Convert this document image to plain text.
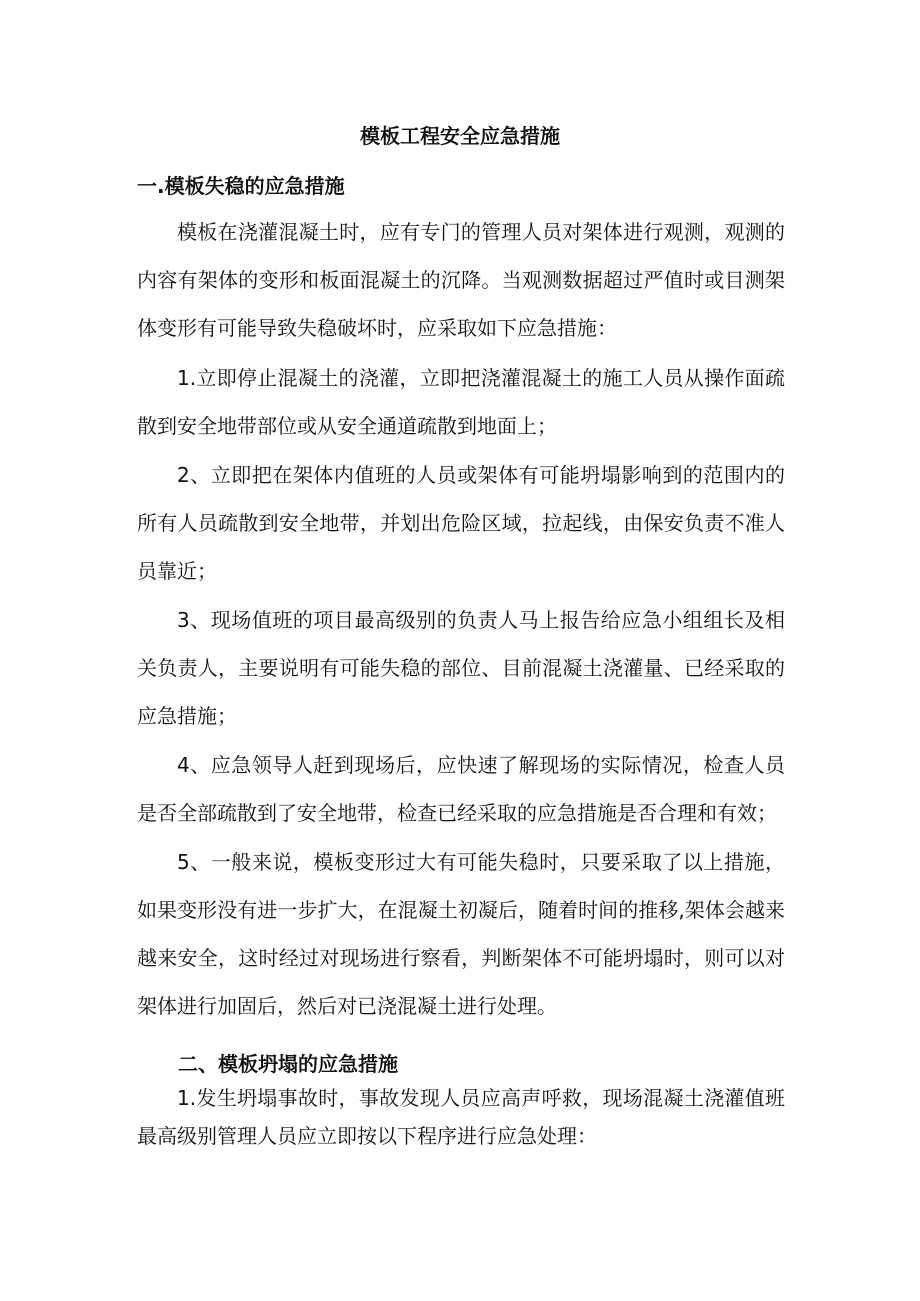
模板工程安全应急措施
一.模板失稳的应急措施

模板在浇灌混凝土时，应有专门的管理人员对架体进行观测，观测的内容有架体的变形和板面混凝土的沉降。当观测数据超过严值时或目测架体变形有可能导致失稳破坏时，应采取如下应急措施：

1.立即停止混凝土的浇灌，立即把浇灌混凝土的施工人员从操作面疏散到安全地带部位或从安全通道疏散到地面上；

2、立即把在架体内值班的人员或架体有可能坍塌影响到的范围内的所有人员疏散到安全地带，并划出危险区域，拉起线，由保安负责不准人员靠近；

3、现场值班的项目最高级别的负责人马上报告给应急小组组长及相关负责人，主要说明有可能失稳的部位、目前混凝土浇灌量、已经采取的应急措施；

4、应急领导人赶到现场后，应快速了解现场的实际情况，检查人员是否全部疏散到了安全地带，检查已经采取的应急措施是否合理和有效；

5、一般来说，模板变形过大有可能失稳时，只要采取了以上措施，如果变形没有进一步扩大，在混凝土初凝后，随着时间的推移,架体会越来越来安全，这时经过对现场进行察看，判断架体不可能坍塌时，则可以对架体进行加固后，然后对已浇混凝土进行处理。

二、模板坍塌的应急措施

1.发生坍塌事故时，事故发现人员应高声呼救，现场混凝土浇灌值班最高级别管理人员应立即按以下程序进行应急处理：
